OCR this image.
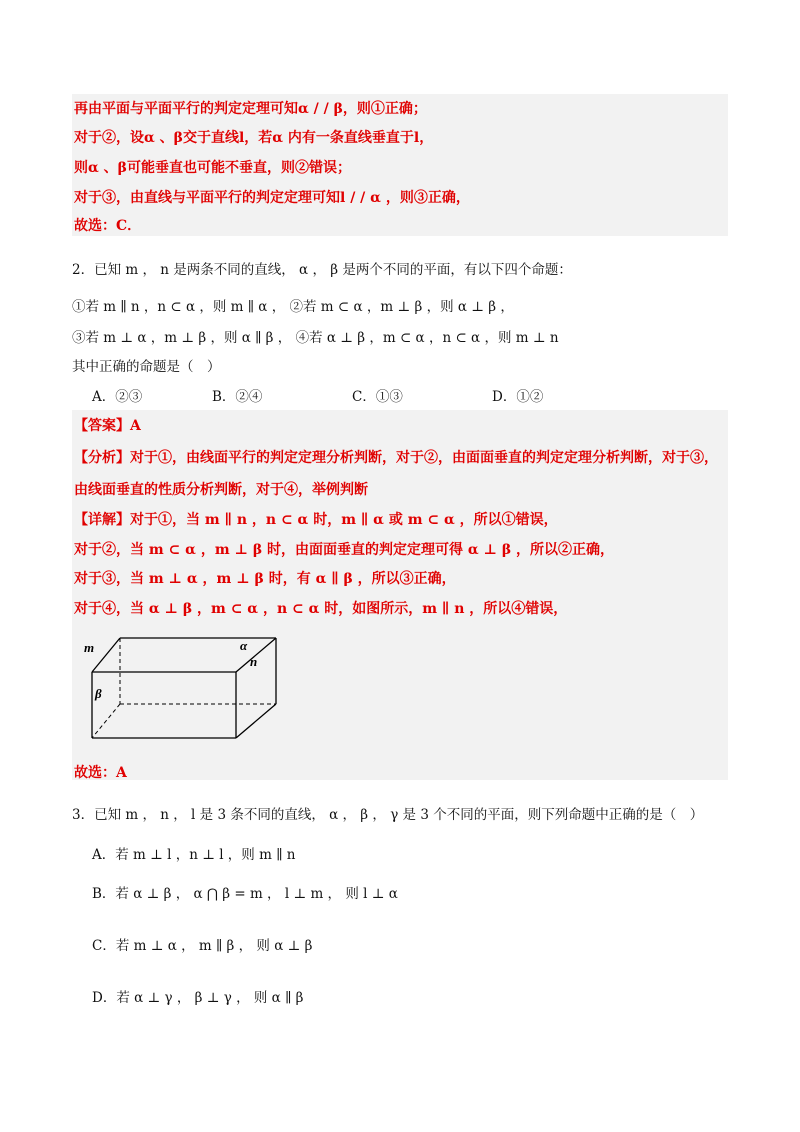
再由平面与平面平行的判定定理可知α / / β，则①正确；
对于②，设α 、β交于直线l，若α 内有一条直线垂直于l，
则α 、β可能垂直也可能不垂直，则②错误；
对于③，由直线与平面平行的判定定理可知l / / α ，则③正确，
故选：C．
2．已知 m ， n 是两条不同的直线， α ， β 是两个不同的平面，有以下四个命题：
①若 m ∥ n ，n ⊂ α ，则 m ∥ α ， ②若 m ⊂ α ，m ⊥ β ，则 α ⊥ β ，
③若 m ⊥ α ，m ⊥ β ，则 α ∥ β ， ④若 α ⊥ β ，m ⊂ α ，n ⊂ α ，则 m ⊥ n
其中正确的命题是（　）
A．②③	B．②④	C．①③	D．①②
【答案】A
【分析】对于①，由线面平行的判定定理分析判断，对于②，由面面垂直的判定定理分析判断，对于③，
由线面垂直的性质分析判断，对于④，举例判断
【详解】对于①，当 m ∥ n ，n ⊂ α 时，m ∥ α 或 m ⊂ α ，所以①错误，
对于②，当 m ⊂ α ，m ⊥ β 时，由面面垂直的判定定理可得 α ⊥ β ，所以②正确，
对于③，当 m ⊥ α ，m ⊥ β 时，有 α ∥ β ，所以③正确，
对于④，当 α ⊥ β ，m ⊂ α ，n ⊂ α 时，如图所示，m ∥ n ，所以④错误，
m	α
n
β
故选：A
3．已知 m ， n ， l 是 3 条不同的直线， α ， β ， γ 是 3 个不同的平面，则下列命题中正确的是（　）
A．若 m ⊥ l ，n ⊥ l ，则 m ∥ n
B．若 α ⊥ β ， α ⋂ β = m ， l ⊥ m ， 则 l ⊥ α
C．若 m ⊥ α ， m ∥ β ， 则 α ⊥ β
D．若 α ⊥ γ ， β ⊥ γ ， 则 α ∥ β
